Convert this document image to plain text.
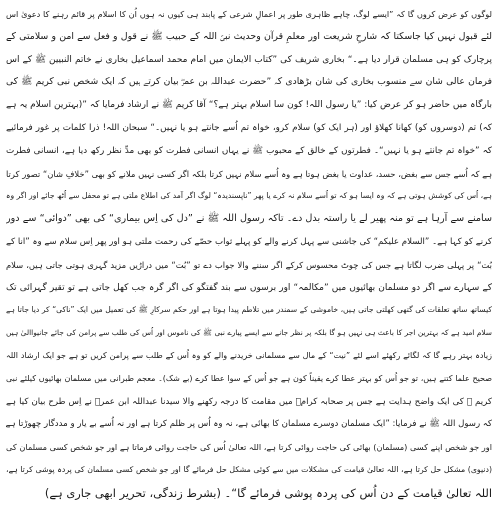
لوگوں کو عرض کروں گا کہ ”ایسے لوگ، چاہے ظاہری طور پر اعمالِ شرعی کے پابند ہی کیوں نہ ہوں اُن کا اسلام پر قائم رہنے کا دعویٰ اس
لئے قبول نہیں کیا جاسکتا کہ شارحِ شریعت اور معلمِ قرآن وحدیث نبیؐ اللہ کے حبیب ﷺ نے قول و فعل سے امن و سلامتی کے
پرچارک کو ہی مسلمان قرار دیا ہے۔“ بخاری شریف کی ”کتاب الایمان میں امام محمد اسماعیل بخاری نے خاتم النبیین ﷺ کے اس
فرمان عالی شان سے منسوب بخاری کی شان بڑھادی کہ ”حضرت عبداللہ بن عمرؓ بیان کرتے ہیں کہ ایک شخص نبی کریم ﷺ کی
بارگاہ میں حاضر ہو کر عرض کیا: ”یا رسول اللہ! کون سا اسلام بہتر ہے؟“ آقا کریم ﷺ نے ارشاد فرمایا کہ ”(بہترین اسلام یہ ہے
کہ) تم (دوسروں کو) کھانا کھلاؤ اور (ہر ایک کو) سلام کرو، خواہ تم اُسے جانتے ہو یا نہیں۔“ سبحان اللہ! ذرا کلمات پر غور فرمائیے
کہ ”خواہ تم جانتے ہو یا نہیں“۔ فطرتوں کے خالق کے محبوب ﷺ نے یہاں انسانی فطرت کو بھی مدِّ نظر رکھ دیا ہے، انسانی فطرت
ہے کہ اُسے جس سے بغض، حسد، عداوت یا بغض ہوتا ہے وہ اُسے سلام نہیں کرتا بلکہ اگر کسی نہیں ملانے کو بھی ”خلافِ شان“ تصور کرتا
ہے، اُس کی کوشش ہوتی ہے کہ وہ ایسا ہو کہ تو اُسے سلام نہ کرے یا پھر ”ناپسندیدہ“ لوگ اگر آمد کی اطلاع ملتی ہے تو محفل سے اُٹھ جائے اور اگر وہ
سامنے سے آرہا ہے تو منہ پھیر لے یا راستہ بدل دے۔ تاکہ رسول اللہ ﷺ نے ”دل کی اِس بیماری“ کی بھی ”دوائی“ سے دور
کرنے کو کہا ہے۔ ”السلام علیکم“ کی جاشنی سے پہل کرنے والے کو پہلے ثواب حصّے کی رحمت ملتی ہو اور پھر اِس سلام سے وہ ”انا کے
بُت“ پر پہلی ضرب لگاتا ہے جس کی چوٹ محسوس کرکے اگر سننے والا جواب دے تو ”بُت“ میں دراڑیں مزید گہری ہوتی جاتی ہیں، سلام
کے سہارے سے اگر دو مسلمان بھائیوں میں ”مکالمہ“ اور برسوں سے بند گفتگو کی اگر گرہ جب کھل جاتی ہے تو تقیر گہرائی تک
کیساتھ ساتھ تعلقات کی گتھی کھلتی جاتی ہیں، خاموشی کے سمندر میں تلاطم پیدا ہوتا ہے اور حکم سرکارِ ﷺ کی تعمیل میں ایک ”ناکی“ کر دیا جاتا ہے
سلام امید ہے کہ بہترین اجر کا باعث ہی نہیں ہو گا بلکہ پر نظر جانے سے ایسے پیارے نبی ﷺ کی ناموس اور اُس کی طلب سے پرامن کی جائے جانیواالیٰ ہیں
زیادہ بہتر رہے گا کہ لگائے رکھئے اسے لئے ”نیت“ کے مال سے مسلمانی خریدنے والے کو وہ اُس کے طلب سے پرامن کریں تو ہے جو ایک ارشاد اللہ
صحیح علما کتنے ہیں، تو جو اُس کو بہتر عطا کرے یقیناً کون ہے جو اُس کے سوا عطا کرے (بے شک)۔ معجم طبرانی میں مسلمان بھائیوں کیلئے نبی
کریم ﷺ کی ایک واضح ہدایت ہے جس پر صحابہ کرامؓ میں مقامت کا درجہ رکھنے والا سیدنا عبداللہ ابن عمرؓ نے اِس طرح بیان کیا ہے
کہ رسول اللہ ﷺ نے فرمایا: ”ایک مسلمان دوسرے مسلمان کا بھائی ہے، نہ وہ اُس پر ظلم کرتا ہے اور نہ اُسے بے یار و مددگار چھوڑتا ہے
اور جو شخص اپنے کسی (مسلمان) بھائی کی حاجت روائی کرتا ہے، اللہ تعالیٰ اُس کی حاجت روائی فرماتا ہے اور جو شخص کسی مسلمان کی
(دنیوی) مشکل حل کرتا ہے، اللہ تعالیٰ قیامت کی مشکلات میں سے کوئی مشکل حل فرمائے گا اور جو شخص کسی مسلمان کی پردہ پوشی کرتا ہے،
اللہ تعالیٰ قیامت کے دن اُس کی پردہ پوشی فرمائے گا“۔ (بشرط زندگی، تحریر ابھی جاری ہے)
